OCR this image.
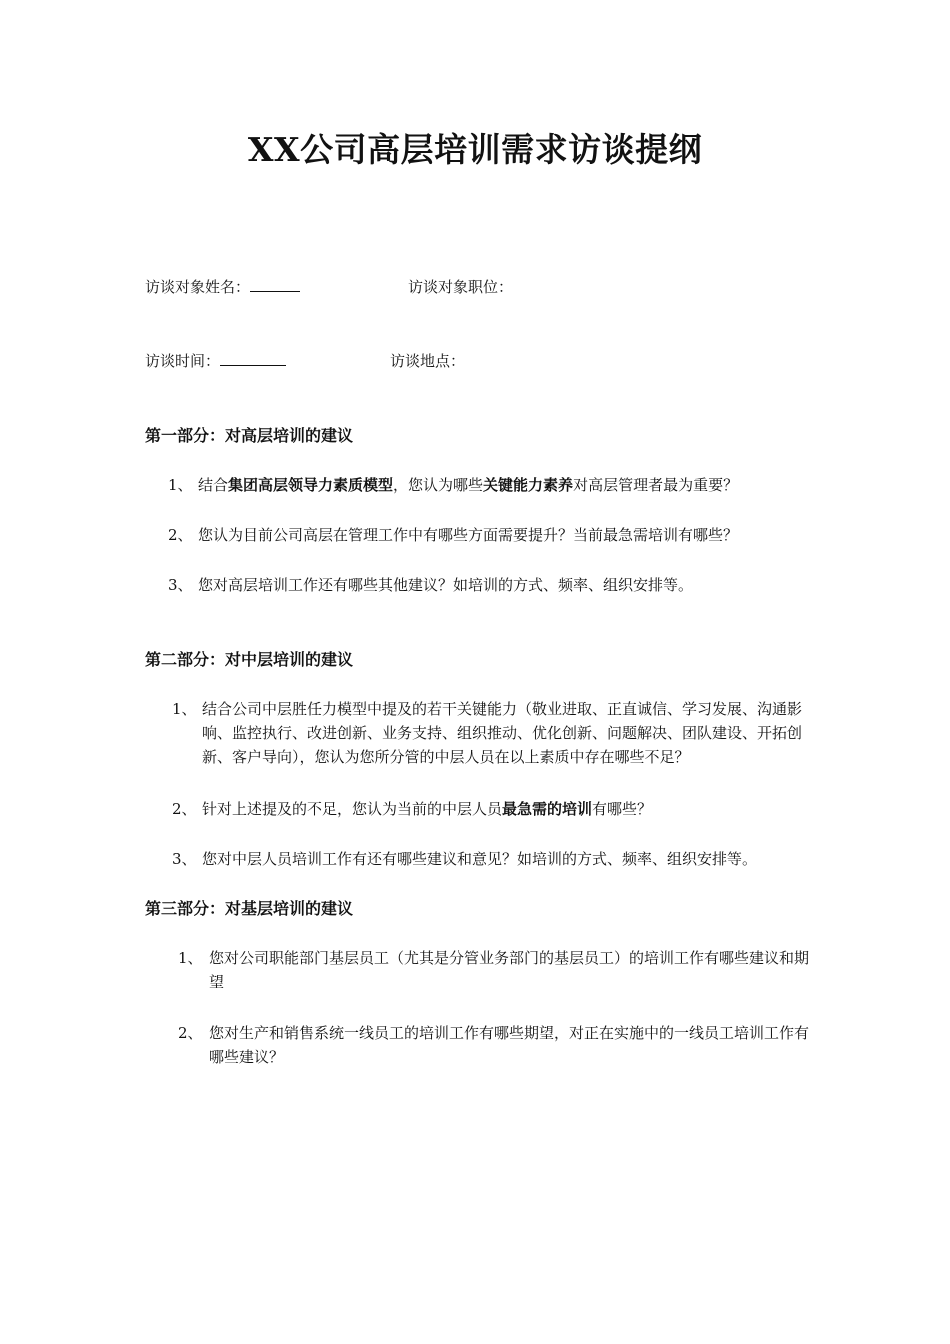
XX公司高层培训需求访谈提纲
访谈对象姓名：	访谈对象职位：
访谈时间：	访谈地点：
第一部分：对高层培训的建议
1、 结合集团高层领导力素质模型，您认为哪些关键能力素养对高层管理者最为重要？
2、 您认为目前公司高层在管理工作中有哪些方面需要提升？当前最急需培训有哪些？
3、 您对高层培训工作还有哪些其他建议？如培训的方式、频率、组织安排等。
第二部分：对中层培训的建议
1、 结合公司中层胜任力模型中提及的若干关键能力（敬业进取、正直诚信、学习发展、沟通影响、监控执行、改进创新、业务支持、组织推动、优化创新、问题解决、团队建设、开拓创新、客户导向），您认为您所分管的中层人员在以上素质中存在哪些不足？
2、 针对上述提及的不足，您认为当前的中层人员最急需的培训有哪些？
3、 您对中层人员培训工作有还有哪些建议和意见？如培训的方式、频率、组织安排等。
第三部分：对基层培训的建议
1、 您对公司职能部门基层员工（尤其是分管业务部门的基层员工）的培训工作有哪些建议和期望
2、 您对生产和销售系统一线员工的培训工作有哪些期望，对正在实施中的一线员工培训工作有哪些建议？
